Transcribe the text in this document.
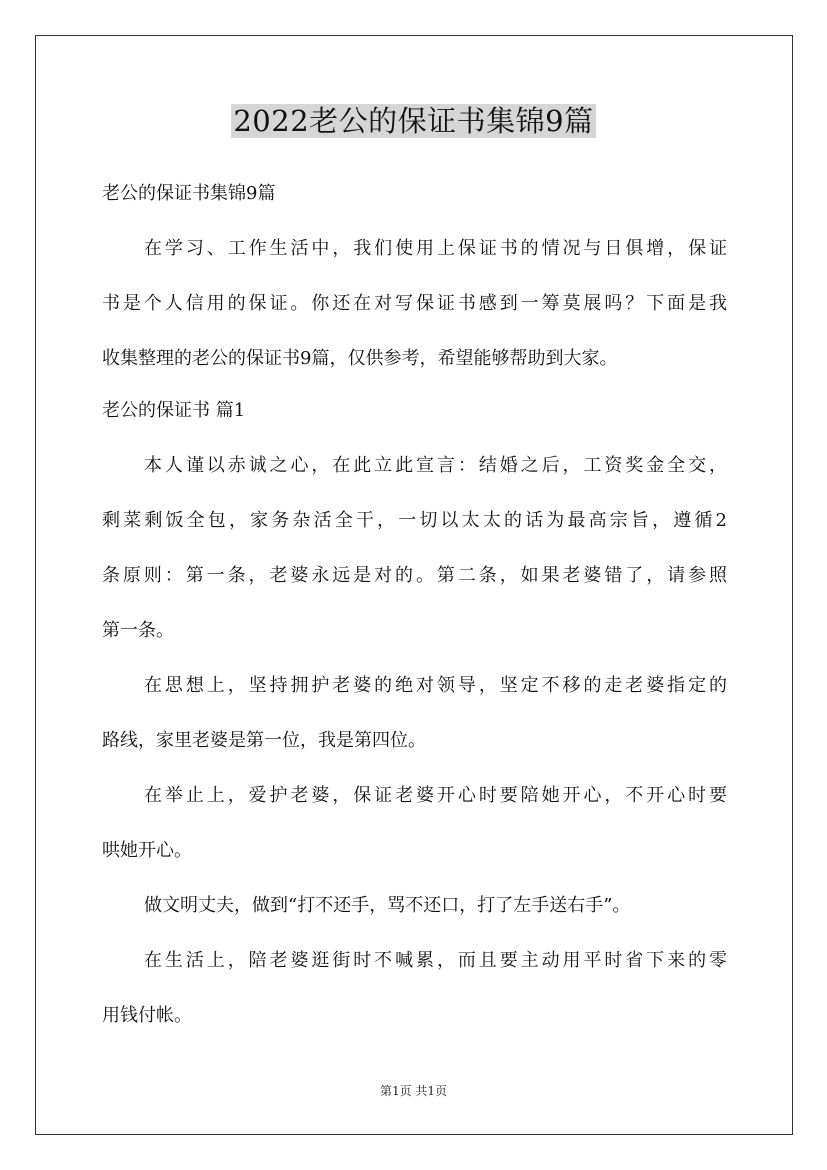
2022老公的保证书集锦9篇
老公的保证书集锦9篇
在学习、工作生活中，我们使用上保证书的情况与日俱增，保证
书是个人信用的保证。你还在对写保证书感到一筹莫展吗？下面是我
收集整理的老公的保证书9篇，仅供参考，希望能够帮助到大家。
老公的保证书 篇1
本人谨以赤诚之心，在此立此宣言：结婚之后，工资奖金全交，
剩菜剩饭全包，家务杂活全干，一切以太太的话为最高宗旨，遵循2
条原则：第一条，老婆永远是对的。第二条，如果老婆错了，请参照
第一条。
在思想上，坚持拥护老婆的绝对领导，坚定不移的走老婆指定的
路线，家里老婆是第一位，我是第四位。
在举止上，爱护老婆，保证老婆开心时要陪她开心，不开心时要
哄她开心。
做文明丈夫，做到“打不还手，骂不还口，打了左手送右手”。
在生活上，陪老婆逛街时不喊累，而且要主动用平时省下来的零
用钱付帐。
第1页 共1页
